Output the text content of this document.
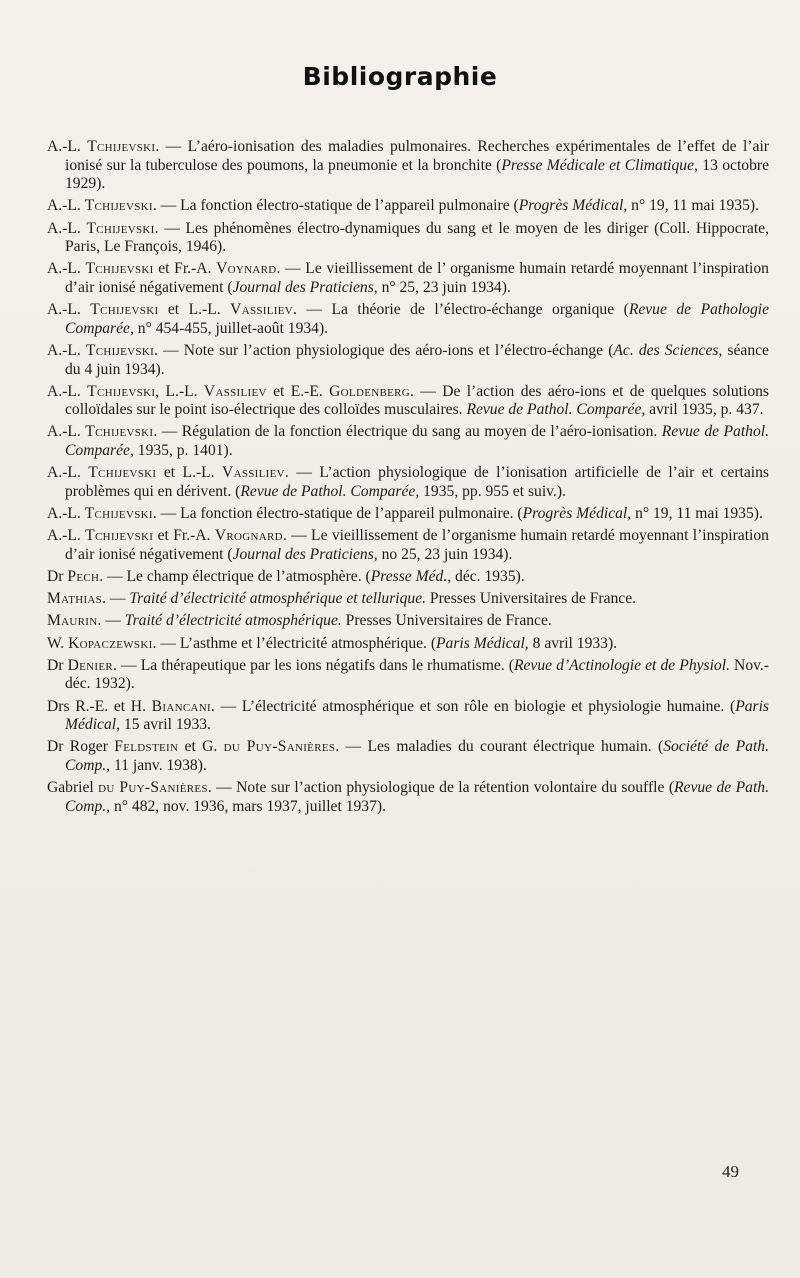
Bibliographie
A.-L. Tchijevski. — L’aéro-ionisation des maladies pulmonaires. Recherches expérimentales de l’effet de l’air ionisé sur la tuberculose des poumons, la pneumonie et la bronchite (Presse Médicale et Climatique, 13 octobre 1929).
A.-L. Tchijevski. — La fonction électro-statique de l’appareil pulmonaire (Progrès Médical, n° 19, 11 mai 1935).
A.-L. Tchijevski. — Les phénomènes électro-dynamiques du sang et le moyen de les diriger (Coll. Hippocrate, Paris, Le François, 1946).
A.-L. Tchijevski et Fr.-A. Voynard. — Le vieillissement de l’ organisme humain retardé moyennant l’inspiration d’air ionisé négativement (Journal des Praticiens, n° 25, 23 juin 1934).
A.-L. Tchijevski et L.-L. Vassiliev. — La théorie de l’électro-échange organique (Revue de Pathologie Comparée, n° 454-455, juillet-août 1934).
A.-L. Tchijevski. — Note sur l’action physiologique des aéro-ions et l’électro-échange (Ac. des Sciences, séance du 4 juin 1934).
A.-L. Tchijevski, L.-L. Vassiliev et E.-E. Goldenberg. — De l’action des aéro-ions et de quelques solutions colloïdales sur le point iso-électrique des colloïdes musculaires. Revue de Pathol. Comparée, avril 1935, p. 437.
A.-L. Tchijevski. — Régulation de la fonction électrique du sang au moyen de l’aéro-ionisation. Revue de Pathol. Comparée, 1935, p. 1401).
A.-L. Tchijevski et L.-L. Vassiliev. — L’action physiologique de l’ionisation artificielle de l’air et certains problèmes qui en dérivent. (Revue de Pathol. Comparée, 1935, pp. 955 et suiv.).
A.-L. Tchijevski. — La fonction électro-statique de l’appareil pulmonaire. (Progrès Médical, n° 19, 11 mai 1935).
A.-L. Tchijevski et Fr.-A. Vrognard. — Le vieillissement de l’organisme humain retardé moyennant l’inspiration d’air ionisé négativement (Journal des Praticiens, no 25, 23 juin 1934).
Dr Pech. — Le champ électrique de l’atmosphère. (Presse Méd., déc. 1935).
Mathias. — Traité d’électricité atmosphérique et tellurique. Presses Universitaires de France.
Maurin. — Traité d’électricité atmosphérique. Presses Universitaires de France.
W. Kopaczewski. — L’asthme et l’électricité atmosphérique. (Paris Médical, 8 avril 1933).
Dr Denier. — La thérapeutique par les ions négatifs dans le rhumatisme. (Revue d’Actinologie et de Physiol. Nov.-déc. 1932).
Drs R.-E. et H. Biancani. — L’électricité atmosphérique et son rôle en biologie et physiologie humaine. (Paris Médical, 15 avril 1933.
Dr Roger Feldstein et G. du Puy-Sanières. — Les maladies du courant électrique humain. (Société de Path. Comp., 11 janv. 1938).
Gabriel du Puy-Sanières. — Note sur l’action physiologique de la rétention volontaire du souffle (Revue de Path. Comp., n° 482, nov. 1936, mars 1937, juillet 1937).
49
